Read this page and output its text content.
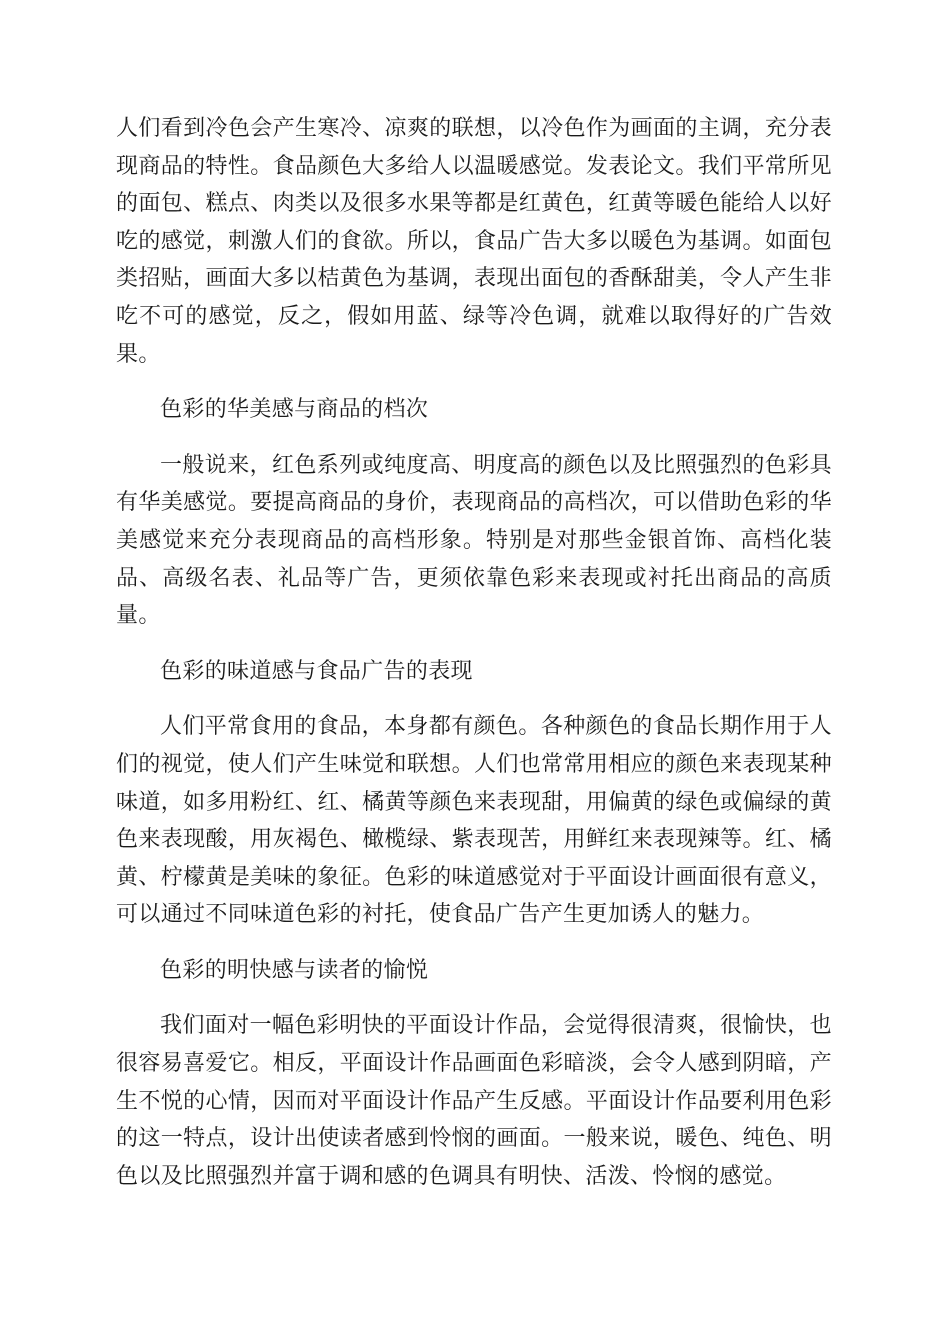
人们看到冷色会产生寒冷、凉爽的联想，以冷色作为画面的主调，充分表现商品的特性。食品颜色大多给人以温暖感觉。发表论文。我们平常所见的面包、糕点、肉类以及很多水果等都是红黄色，红黄等暖色能给人以好吃的感觉，刺激人们的食欲。所以，食品广告大多以暖色为基调。如面包类招贴，画面大多以桔黄色为基调，表现出面包的香酥甜美，令人产生非吃不可的感觉，反之，假如用蓝、绿等冷色调，就难以取得好的广告效果。

色彩的华美感与商品的档次

一般说来，红色系列或纯度高、明度高的颜色以及比照强烈的色彩具有华美感觉。要提高商品的身价，表现商品的高档次，可以借助色彩的华美感觉来充分表现商品的高档形象。特别是对那些金银首饰、高档化装品、高级名表、礼品等广告，更须依靠色彩来表现或衬托出商品的高质量。

色彩的味道感与食品广告的表现

人们平常食用的食品，本身都有颜色。各种颜色的食品长期作用于人们的视觉，使人们产生味觉和联想。人们也常常用相应的颜色来表现某种味道，如多用粉红、红、橘黄等颜色来表现甜，用偏黄的绿色或偏绿的黄色来表现酸，用灰褐色、橄榄绿、紫表现苦，用鲜红来表现辣等。红、橘黄、柠檬黄是美味的象征。色彩的味道感觉对于平面设计画面很有意义，可以通过不同味道色彩的衬托，使食品广告产生更加诱人的魅力。

色彩的明快感与读者的愉悦

我们面对一幅色彩明快的平面设计作品，会觉得很清爽，很愉快，也很容易喜爱它。相反，平面设计作品画面色彩暗淡，会令人感到阴暗，产生不悦的心情，因而对平面设计作品产生反感。平面设计作品要利用色彩的这一特点，设计出使读者感到怜悯的画面。一般来说，暖色、纯色、明色以及比照强烈并富于调和感的色调具有明快、活泼、怜悯的感觉。
